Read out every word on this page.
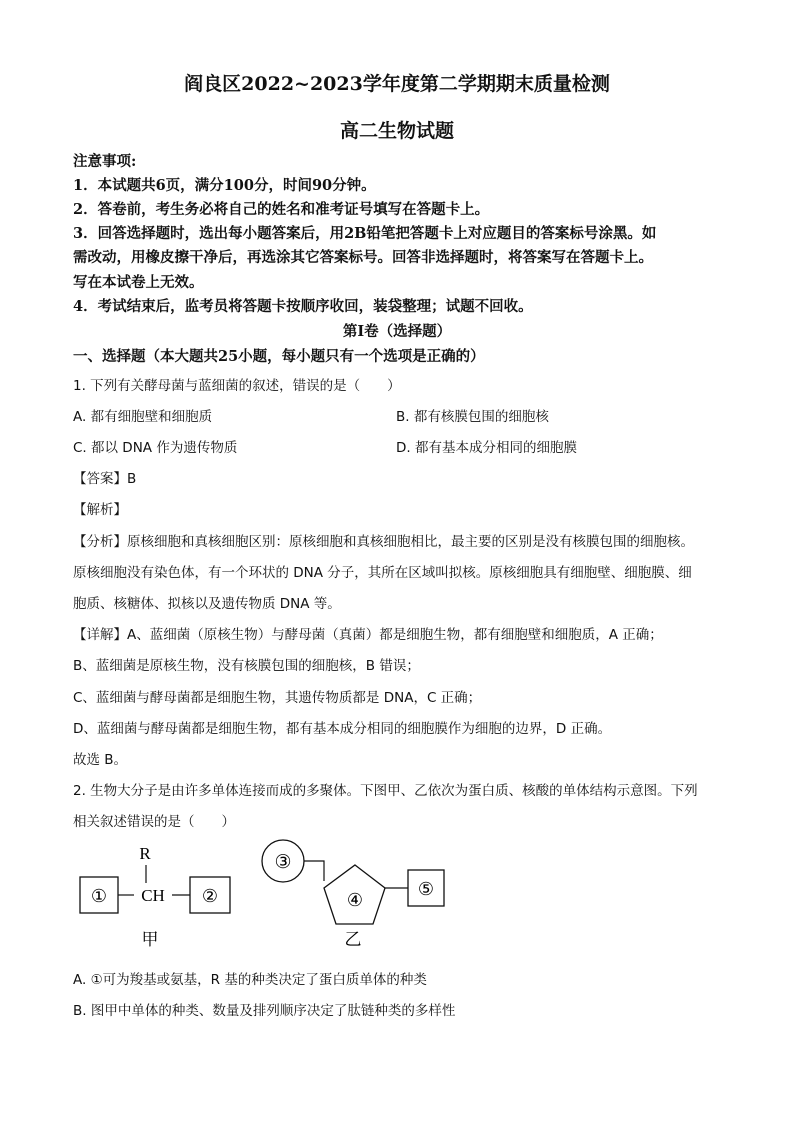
阎良区2022~2023学年度第二学期期末质量检测
高二生物试题
注意事项:
1．本试题共6页，满分100分，时间90分钟。
2．答卷前，考生务必将自己的姓名和准考证号填写在答题卡上。
3．回答选择题时，选出每小题答案后，用2B铅笔把答题卡上对应题目的答案标号涂黑。如
需改动，用橡皮擦干净后，再选涂其它答案标号。回答非选择题时，将答案写在答题卡上。
写在本试卷上无效。
4．考试结束后，监考员将答题卡按顺序收回，装袋整理；试题不回收。
第I卷（选择题）
一、选择题（本大题共25小题，每小题只有一个选项是正确的）
1. 下列有关酵母菌与蓝细菌的叙述，错误的是（　　）
A. 都有细胞壁和细胞质	B. 都有核膜包围的细胞核
C. 都以 DNA 作为遗传物质	D. 都有基本成分相同的细胞膜
【答案】B
【解析】
【分析】原核细胞和真核细胞区别：原核细胞和真核细胞相比，最主要的区别是没有核膜包围的细胞核。
原核细胞没有染色体，有一个环状的 DNA 分子，其所在区域叫拟核。原核细胞具有细胞壁、细胞膜、细
胞质、核糖体、拟核以及遗传物质 DNA 等。
【详解】A、蓝细菌（原核生物）与酵母菌（真菌）都是细胞生物，都有细胞壁和细胞质，A 正确；
B、蓝细菌是原核生物，没有核膜包围的细胞核，B 错误；
C、蓝细菌与酵母菌都是细胞生物，其遗传物质都是 DNA，C 正确；
D、蓝细菌与酵母菌都是细胞生物，都有基本成分相同的细胞膜作为细胞的边界，D 正确。
故选 B。
2. 生物大分子是由许多单体连接而成的多聚体。下图甲、乙依次为蛋白质、核酸的单体结构示意图。下列
相关叙述错误的是（　　）
R
① CH ②
甲
③
④
⑤
乙
A. ①可为羧基或氨基，R 基的种类决定了蛋白质单体的种类
B. 图甲中单体的种类、数量及排列顺序决定了肽链种类的多样性
